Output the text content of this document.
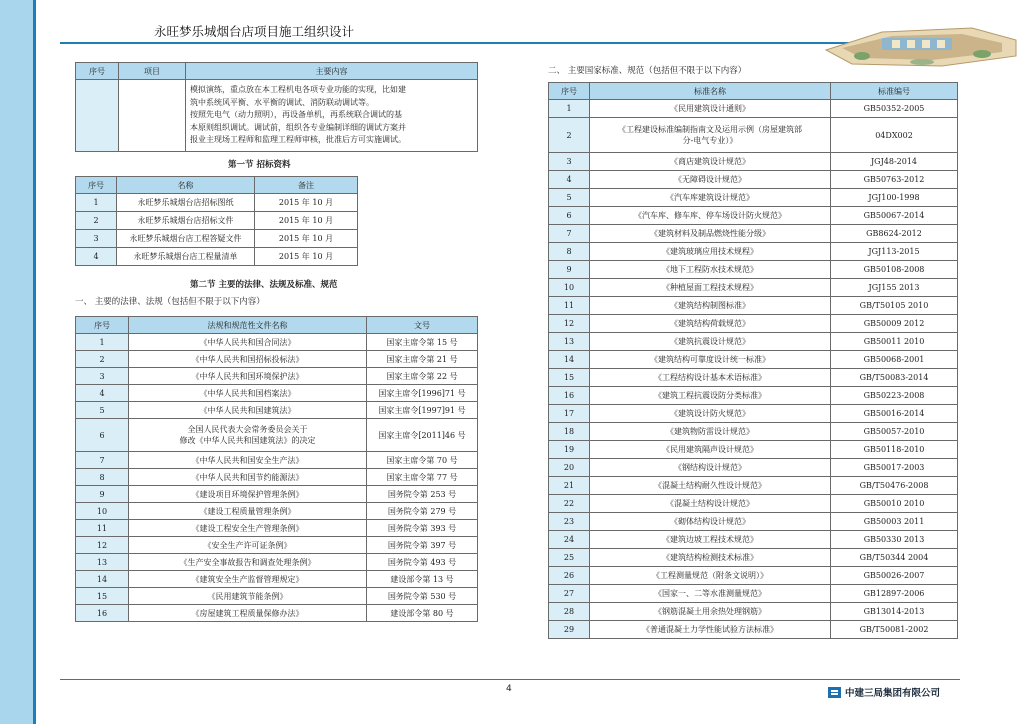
永旺梦乐城烟台店项目施工组织设计
序号	项目	主要内容

		模拟演练，重点放在本工程机电各项专业功能的实现，比如建
筑中系统风平衡、水平衡的调试、消防联动调试等。
按照先电气（动力照明），再设备单机，再系统联合调试的基
本原则组织调试。调试前，组织各专业编制详细的调试方案并
报业主现场工程师和监理工程师审核，批准后方可实施调试。
第一节 招标资料
序号	名称	备注
1	永旺梦乐城烟台店招标图纸	2015 年 10 月
2	永旺梦乐城烟台店招标文件	2015 年 10 月
3	永旺梦乐城烟台店工程答疑文件	2015 年 10 月
4	永旺梦乐城烟台店工程量清单	2015 年 10 月
第二节 主要的法律、法规及标准、规范
一、 主要的法律、法规（包括但不限于以下内容）
序号	法规和规范性文件名称	文号
1	《中华人民共和国合同法》	国家主席令第 15 号
2	《中华人民共和国招标投标法》	国家主席令第 21 号
3	《中华人民共和国环境保护法》	国家主席令第 22 号
4	《中华人民共和国档案法》	国家主席令[1996]71 号
5	《中华人民共和国建筑法》	国家主席令[1997]91 号
6	全国人民代表大会常务委员会关于
修改《中华人民共和国建筑法》的决定	国家主席令[2011]46 号
7	《中华人民共和国安全生产法》	国家主席令第 70 号
8	《中华人民共和国节约能源法》	国家主席令第 77 号
9	《建设项目环境保护管理条例》	国务院令第 253 号
10	《建设工程质量管理条例》	国务院令第 279 号
11	《建设工程安全生产管理条例》	国务院令第 393 号
12	《安全生产许可证条例》	国务院令第 397 号
13	《生产安全事故报告和调查处理条例》	国务院令第 493 号
14	《建筑安全生产监督管理规定》	建设部令第 13 号
15	《民用建筑节能条例》	国务院令第 530 号
16	《房屋建筑工程质量保修办法》	建设部令第 80 号
二、 主要国家标准、规范（包括但不限于以下内容）
序号	标准名称	标准编号
1	《民用建筑设计通则》	GB50352-2005
2	《工程建设标准编制指南文及运用示例（房屋建筑部
分-电气专业）》	04DX002
3	《商店建筑设计规范》	JGJ48-2014
4	《无障碍设计规范》	GB50763-2012
5	《汽车库建筑设计规范》	JGJ100-1998
6	《汽车库、修车库、停车场设计防火规范》	GB50067-2014
7	《建筑材料及制品燃烧性能分级》	GB8624-2012
8	《建筑玻璃应用技术规程》	JGJ113-2015
9	《地下工程防水技术规范》	GB50108-2008
10	《种植屋面工程技术规程》	JGJ155 2013
11	《建筑结构制图标准》	GB/T50105 2010
12	《建筑结构荷载规范》	GB50009 2012
13	《建筑抗震设计规范》	GB50011 2010
14	《建筑结构可靠度设计统一标准》	GB50068-2001
15	《工程结构设计基本术语标准》	GB/T50083-2014
16	《建筑工程抗震设防分类标准》	GB50223-2008
17	《建筑设计防火规范》	GB50016-2014
18	《建筑物防雷设计规范》	GB50057-2010
19	《民用建筑隔声设计规范》	GB50118-2010
20	《钢结构设计规范》	GB50017-2003
21	《混凝土结构耐久性设计规范》	GB/T50476-2008
22	《混凝土结构设计规范》	GB50010 2010
23	《砌体结构设计规范》	GB50003 2011
24	《建筑边坡工程技术规范》	GB50330 2013
25	《建筑结构检测技术标准》	GB/T50344 2004
26	《工程测量规范（附条文说明）》	GB50026-2007
27	《国家一、二等水准测量规范》	GB12897-2006
28	《钢筋混凝土用余热处理钢筋》	GB13014-2013
29	《普通混凝土力学性能试验方法标准》	GB/T50081-2002
4	中建三局集团有限公司
